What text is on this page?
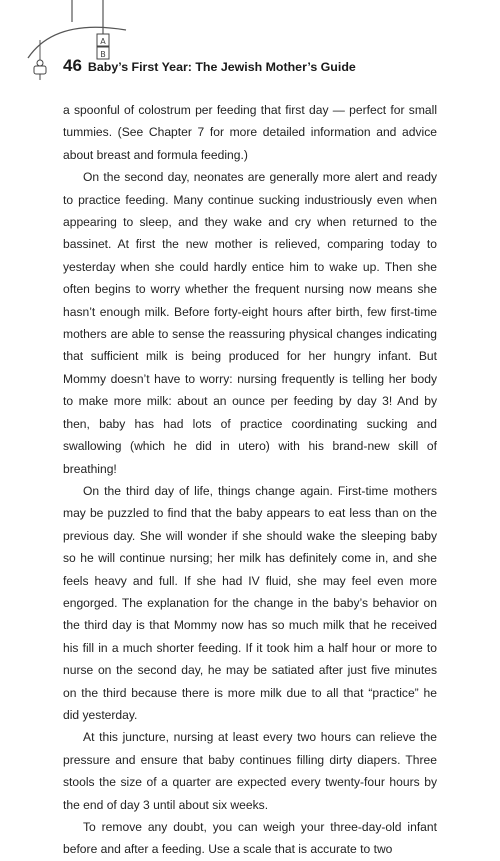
A
B
46 Baby’s First Year: The Jewish Mother’s Guide

a spoonful of colostrum per feeding that first day — perfect for small tummies. (See Chapter 7 for more detailed information and advice about breast and formula feeding.)

On the second day, neonates are generally more alert and ready to practice feeding. Many continue sucking industriously even when appearing to sleep, and they wake and cry when returned to the bassinet. At first the new mother is relieved, comparing today to yesterday when she could hardly entice him to wake up. Then she often begins to worry whether the frequent nursing now means she hasn’t enough milk. Before forty-eight hours after birth, few first-time mothers are able to sense the reassuring physical changes indicating that sufficient milk is being produced for her hungry infant. But Mommy doesn’t have to worry: nursing frequently is telling her body to make more milk: about an ounce per feeding by day 3! And by then, baby has had lots of practice coordinating sucking and swallowing (which he did in utero) with his brand-new skill of breathing!

On the third day of life, things change again. First-time mothers may be puzzled to find that the baby appears to eat less than on the previous day. She will wonder if she should wake the sleeping baby so he will continue nursing; her milk has definitely come in, and she feels heavy and full. If she had IV fluid, she may feel even more engorged. The explanation for the change in the baby’s behavior on the third day is that Mommy now has so much milk that he received his fill in a much shorter feeding. If it took him a half hour or more to nurse on the second day, he may be satiated after just five minutes on the third because there is more milk due to all that “practice” he did yesterday.

At this juncture, nursing at least every two hours can relieve the pressure and ensure that baby continues filling dirty diapers. Three stools the size of a quarter are expected every twenty-four hours by the end of day 3 until about six weeks.

To remove any doubt, you can weigh your three-day-old infant before and after a feeding. Use a scale that is accurate to two
